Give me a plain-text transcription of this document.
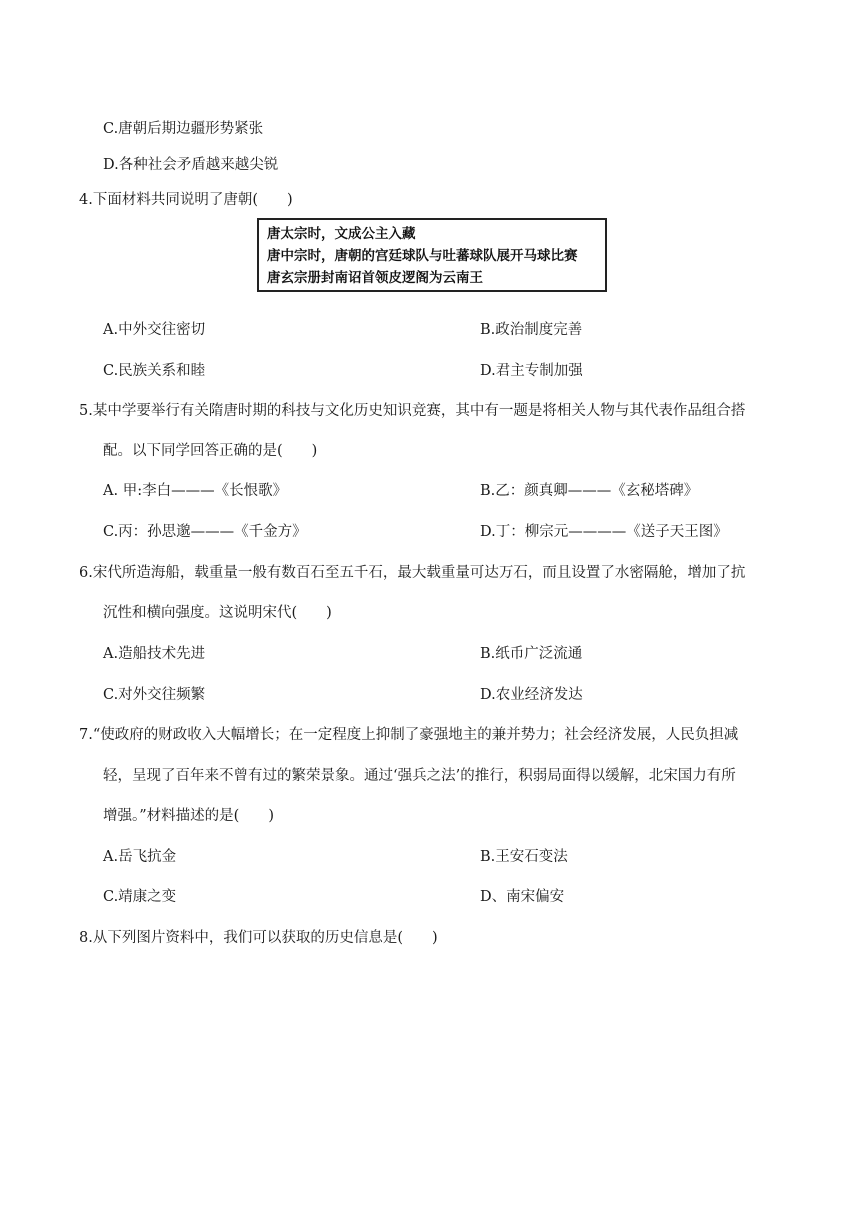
C.唐朝后期边疆形势紧张
D.各种社会矛盾越来越尖锐
4.下面材料共同说明了唐朝(　　)
唐太宗时，文成公主入藏
唐中宗时，唐朝的宫廷球队与吐蕃球队展开马球比赛
唐玄宗册封南诏首领皮逻阁为云南王
A.中外交往密切	B.政治制度完善
C.民族关系和睦	D.君主专制加强
5.某中学要举行有关隋唐时期的科技与文化历史知识竞赛，其中有一题是将相关人物与其代表作品组合搭
配。以下同学回答正确的是(　　)
A. 甲:李白———《长恨歌》	B.乙：颜真卿———《玄秘塔碑》
C.丙：孙思邈———《千金方》	D.丁：柳宗元————《送子天王图》
6.宋代所造海船，载重量一般有数百石至五千石，最大载重量可达万石，而且设置了水密隔舱，增加了抗
沉性和横向强度。这说明宋代(　　)
A.造船技术先进	B.纸币广泛流通
C.对外交往频繁	D.农业经济发达
7.“使政府的财政收入大幅增长；在一定程度上抑制了豪强地主的兼并势力；社会经济发展，人民负担减
轻，呈现了百年来不曾有过的繁荣景象。通过‘强兵之法’的推行，积弱局面得以缓解，北宋国力有所
增强。”材料描述的是(　　)
A.岳飞抗金	B.王安石变法
C.靖康之变	D、南宋偏安
8.从下列图片资料中，我们可以获取的历史信息是(　　)
